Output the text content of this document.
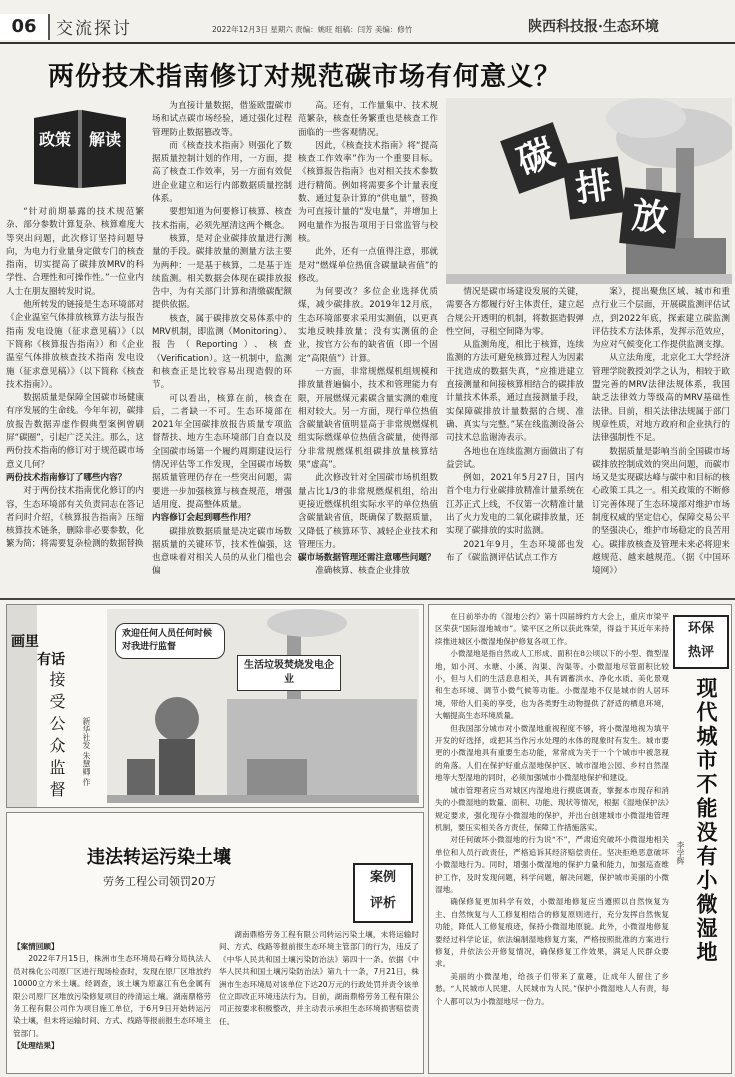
06	交流探讨	2022年12月3日 星期六 责编：姚旺 组稿：闫芳 美编：修竹	陕西科技报·生态环境
两份技术指南修订对规范碳市场有何意义？
政策 解读

“针对前期暴露的技术规范繁杂、部分参数计算复杂、核算难度大等突出问题，此次修订坚持问题导向，为电力行业量身定做专门的核查指南，切实提高了碳排放MRV的科学性、合理性和可操作性。”一位业内人士在朋友圈转发时说。

他所转发的链接是生态环境部对《企业温室气体排放核算方法与报告指南 发电设施（征求意见稿）》（以下简称《核算报告指南》）和《企业温室气体排放核查技术指南 发电设施（征求意见稿）》（以下简称《核查技术指南》）。

数据质量是保障全国碳市场健康有序发展的生命线。今年年初，碳排放报告数据弄虚作假典型案例曾刷屏“碳圈”，引起广泛关注。那么，这两份技术指南的修订对于规范碳市场意义几何？

两份技术指南修订了哪些内容？

对于两份技术指南优化修订的内容，生态环境部有关负责同志在答记者问时介绍，《核算报告指南》压缩核算技术链条，删除非必要参数，化繁为简；将需要复杂检测的数据替换

为直接计量数据，借鉴欧盟碳市场和试点碳市场经验，通过强化过程管理防止数据篡改等。

而《核查技术指南》则强化了数据质量控制计划的作用，一方面，提高了核查工作效率，另一方面有效促进企业建立和运行内部数据质量控制体系。

要想知道为何要修订核算、核查技术指南，必须先厘清这两个概念。

核算，是对企业碳排放量进行测量的手段。碳排放量的测量方法主要为两种：一是基于核算，二是基于连续监测。相关数据会体现在碳排放报告中，为有关部门计算和清缴碳配额提供依据。

核查，属于碳排放交易体系中的MRV机制，即监测（Monitoring）、报告（Reporting）、核查（Verification）。这一机制中，监测和核查正是比较容易出现造假的环节。

可以看出，核算在前，核查在后，二者缺一不可。生态环境部在2021年全国碳排放报告质量专项监督帮扶、地方生态环境部门自查以及全国碳市场第一个履约周期建设运行情况评估等工作发现，全国碳市场数据质量管理仍存在一些突出问题，需要进一步加强核算与核查规范，增强适用度、提高整体质量。

内容修订会起到哪些作用？

碳排放数据质量是决定碳市场数据质量的关键环节，技术性偏强，这也意味着对相关人员的从业门槛也会偏

高。还有，工作量集中、技术规范繁杂，核查任务繁重也是核查工作面临的一些客观情况。

因此，《核查技术指南》将“提高核查工作效率”作为一个重要目标。《核算报告指南》也对相关技术参数进行精简。例如将需要多个计量表度数、通过复杂计算的“供电量”，替换为可直接计量的“发电量”，并增加上网电量作为报告项用于日常监管与校核。

此外，还有一点值得注意，那就是对“燃煤单位热值含碳量缺省值”的修改。

为何要改？多位企业选择优质煤，减少碳排放。2019年12月底，生态环境部要求采用实测值，以更真实地反映排放量；没有实测值的企业，按官方公布的缺省值（即一个固定“高限值”）计算。

一方面，非常规燃煤机组规模和排放量普遍偏小，技术和管理能力有限，开展燃煤元素碳含量实测的难度相对较大。另一方面，现行单位热值含碳量缺省值明显高于非常规燃煤机组实际燃煤单位热值含碳量，使得部分非常规燃煤机组碳排放量核算结果“虚高”。

此次修改针对全国碳市场机组数量占比1/3的非常规燃煤机组，给出更接近燃煤机组实际水平的单位热值含碳量缺省值，既确保了数据质量，又降低了核算环节、减轻企业技术和管理压力。

碳市场数据管理还需注意哪些问题？

准确核算、核查企业排放

碳
排
放

情况是碳市场建设发展的关键，需要各方都履行好主体责任，建立起合规公开透明的机制，将数据造假弹性空间，寻租空间降为零。

从监测角度，相比于核算，连续监测的方法可避免核算过程人为因素干扰造成的数据失真，“应推进建立直接测量和间接核算相结合的碳排放计量技术体系，通过直接测量手段，实保障碳排放计量数据的合规、准确、真实与完整。”某在线监测设备公司技术总监谢涛表示。

各地也在连续监测方面做出了有益尝试。

例如，2021年5月27日，国内首个电力行业碳排放精准计量系统在江苏正式上线，不仅第一次精准计量出了火力发电的二氧化碳排放量，还实现了碳排放的实时监测。

2021年9月，生态环境部也发布了《碳监测评估试点工作方

案》，提出聚焦区域、城市和重点行业三个层面，开展碳监测评估试点，到2022年底，探索建立碳监测评估技术方法体系，发挥示范效应，为应对气候变化工作提供监测支撑。

从立法角度，北京化工大学经济管理学院教授刘学之认为，相较于欧盟完善的MRV法律法规体系，我国缺乏法律效力等级高的MRV基础性法律。目前，相关法律法规属于部门规章性质，对地方政府和企业执行的法律强制性不足。

数据质量是影响当前全国碳市场碳排放控制成效的突出问题，而碳市场又是实现碳达峰与碳中和目标的核心政策工具之一。相关政策的不断修订完善体现了生态环境部对维护市场制度权威的坚定信心，保障交易公平的坚强决心，维护市场稳定的良苦用心。碳排放核查及管理未来必将迎来越规范、越来越规范。（据《中国环境网》）

画里
有话
接受公众监督 新华社发 朱慧卿 作
欢迎任何人员任何时候对我进行监督
生活垃圾焚烧发电企业
违法转运污染土壤
劳务工程公司领罚20万	案例
评析
【案情回顾】

2022年7月15日，株洲市生态环境局石峰分局执法人员对株化公司原厂区进行现场检查时，发现在原厂区堆放约10000立方米土壤。经调查，该土壤为原嘉江有色金属有限公司原厂区堆放污染修复项目的待清运土壤。湖南鼎格劳务工程有限公司作为项目施工单位，于6月9日开始转运污染土壤，但未将运输时间、方式、线路等报前报生态环境主管部门。

【处理结果】

湖南鼎格劳务工程有限公司转运污染土壤，未将运输时间、方式、线路等报前报生态环境主管部门的行为，违反了《中华人民共和国土壤污染防治法》第四十一条。依据《中华人民共和国土壤污染防治法》第九十一条，7月21日，株洲市生态环境局对该单位下达20万元的行政处罚并责令该单位立即改正环境违法行为。目前，湖南鼎格劳务工程有限公司正按要求积极整改，并主动表示承担生态环境损害赔偿责任。

在日前举办的《湿地公约》第十四届缔约方大会上，重庆市梁平区荣获“国际湿地城市”。梁平区之所以获此殊荣，得益于其近年来持续推进城区小微湿地保护修复各项工作。

小微湿地是指自然或人工形成、面积在8公顷以下的小型、微型湿地，如小河、水塘、小溪、沟渠、沟渠等。小微湿地尽管面积比较小，但与人们的生活息息相关，具有调蓄洪水、净化水质、美化景观和生态环境、调节小微气候等功能。小微湿地不仅是城市的人居环境，带给人们美的享受，也为各类野生动物提供了舒适的栖息环境，大幅提高生态环境质量。

但我国部分城市对小微湿地重视程度不够，将小微湿地视为填平开发的好选择，或把其当作污水处理的水体的现象时有发生。城市要更的小微湿地具有重要生态功能，常常成为关于一个个城市中被忽视的角落。人们在保护好重点湿地保护区、城市湿地公园、乡村自然湿地等大型湿地的同时，必须加强城市小微湿地保护和建设。

城市管理者应当对城区内湿地进行摸底调查，掌握本市现存和消失的小微湿地的数量、面积、功能、现状等情况，根据《湿地保护法》规定要求，强化现存小微湿地的保护，并出台创建城市小微湿地管理机制，要压实相关各方责任，保障工作措施落实。

对任何破坏小微湿地的行为说“不”，严肃追究破坏小微湿地相关单位和人员行政责任，严格追诉其经济赔偿责任。坚决拒绝恶意破坏小微湿地行为。同时，增强小微湿地的保护力量和能力，加强巡查维护工作，及时发现问题，科学问题，解决问题，保护城市美丽的小微湿地。

确保修复更加科学有效，小微湿地修复应当遵照以自然恢复为主、自然恢复与人工修复相结合的修复原则进行，充分发挥自然恢复功能，降低人工修复痕迹，保持小微湿地原貌。此外，小微湿地修复要经过科学论证，依法编制湿地修复方案，严格按照批准的方案进行修复，并依法公开修复情况，确保修复工作效果，满足人民群众要求。

美丽的小微湿地，给孩子们带来了童趣，让成年人留住了乡愁。“人民城市人民建、人民城市为人民。”保护小微湿地人人有责，每个人都可以为小微湿地尽一份力。

环保
热评
现代城市不能没有小微湿地
李学辉
